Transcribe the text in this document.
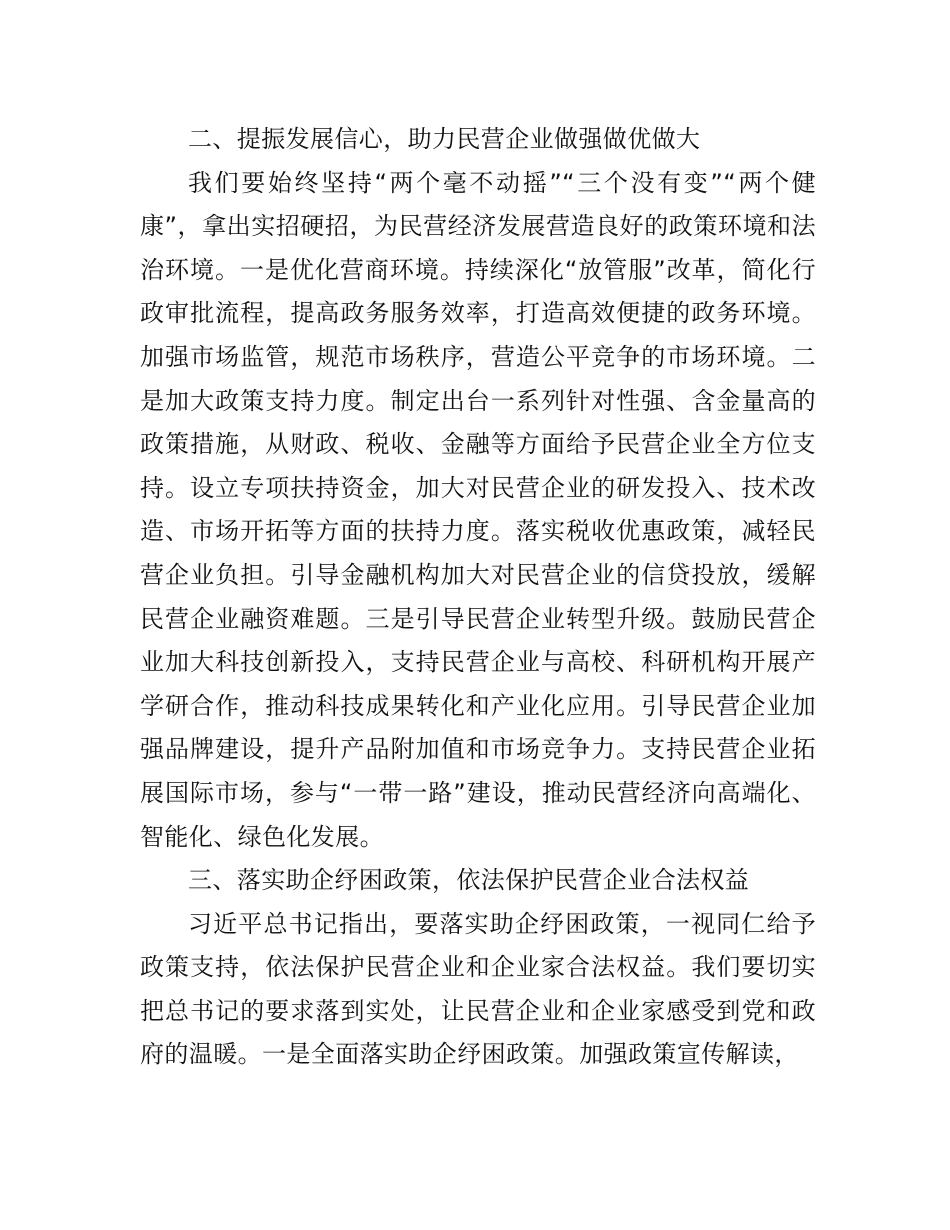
二、提振发展信心，助力民营企业做强做优做大

我们要始终坚持“两个毫不动摇”“三个没有变”“两个健康”，拿出实招硬招，为民营经济发展营造良好的政策环境和法治环境。一是优化营商环境。持续深化“放管服”改革，简化行政审批流程，提高政务服务效率，打造高效便捷的政务环境。加强市场监管，规范市场秩序，营造公平竞争的市场环境。二是加大政策支持力度。制定出台一系列针对性强、含金量高的政策措施，从财政、税收、金融等方面给予民营企业全方位支持。设立专项扶持资金，加大对民营企业的研发投入、技术改造、市场开拓等方面的扶持力度。落实税收优惠政策，减轻民营企业负担。引导金融机构加大对民营企业的信贷投放，缓解民营企业融资难题。三是引导民营企业转型升级。鼓励民营企业加大科技创新投入，支持民营企业与高校、科研机构开展产学研合作，推动科技成果转化和产业化应用。引导民营企业加强品牌建设，提升产品附加值和市场竞争力。支持民营企业拓展国际市场，参与“一带一路”建设，推动民营经济向高端化、智能化、绿色化发展。

三、落实助企纾困政策，依法保护民营企业合法权益

习近平总书记指出，要落实助企纾困政策，一视同仁给予政策支持，依法保护民营企业和企业家合法权益。我们要切实把总书记的要求落到实处，让民营企业和企业家感受到党和政府的温暖。一是全面落实助企纾困政策。加强政策宣传解读，
